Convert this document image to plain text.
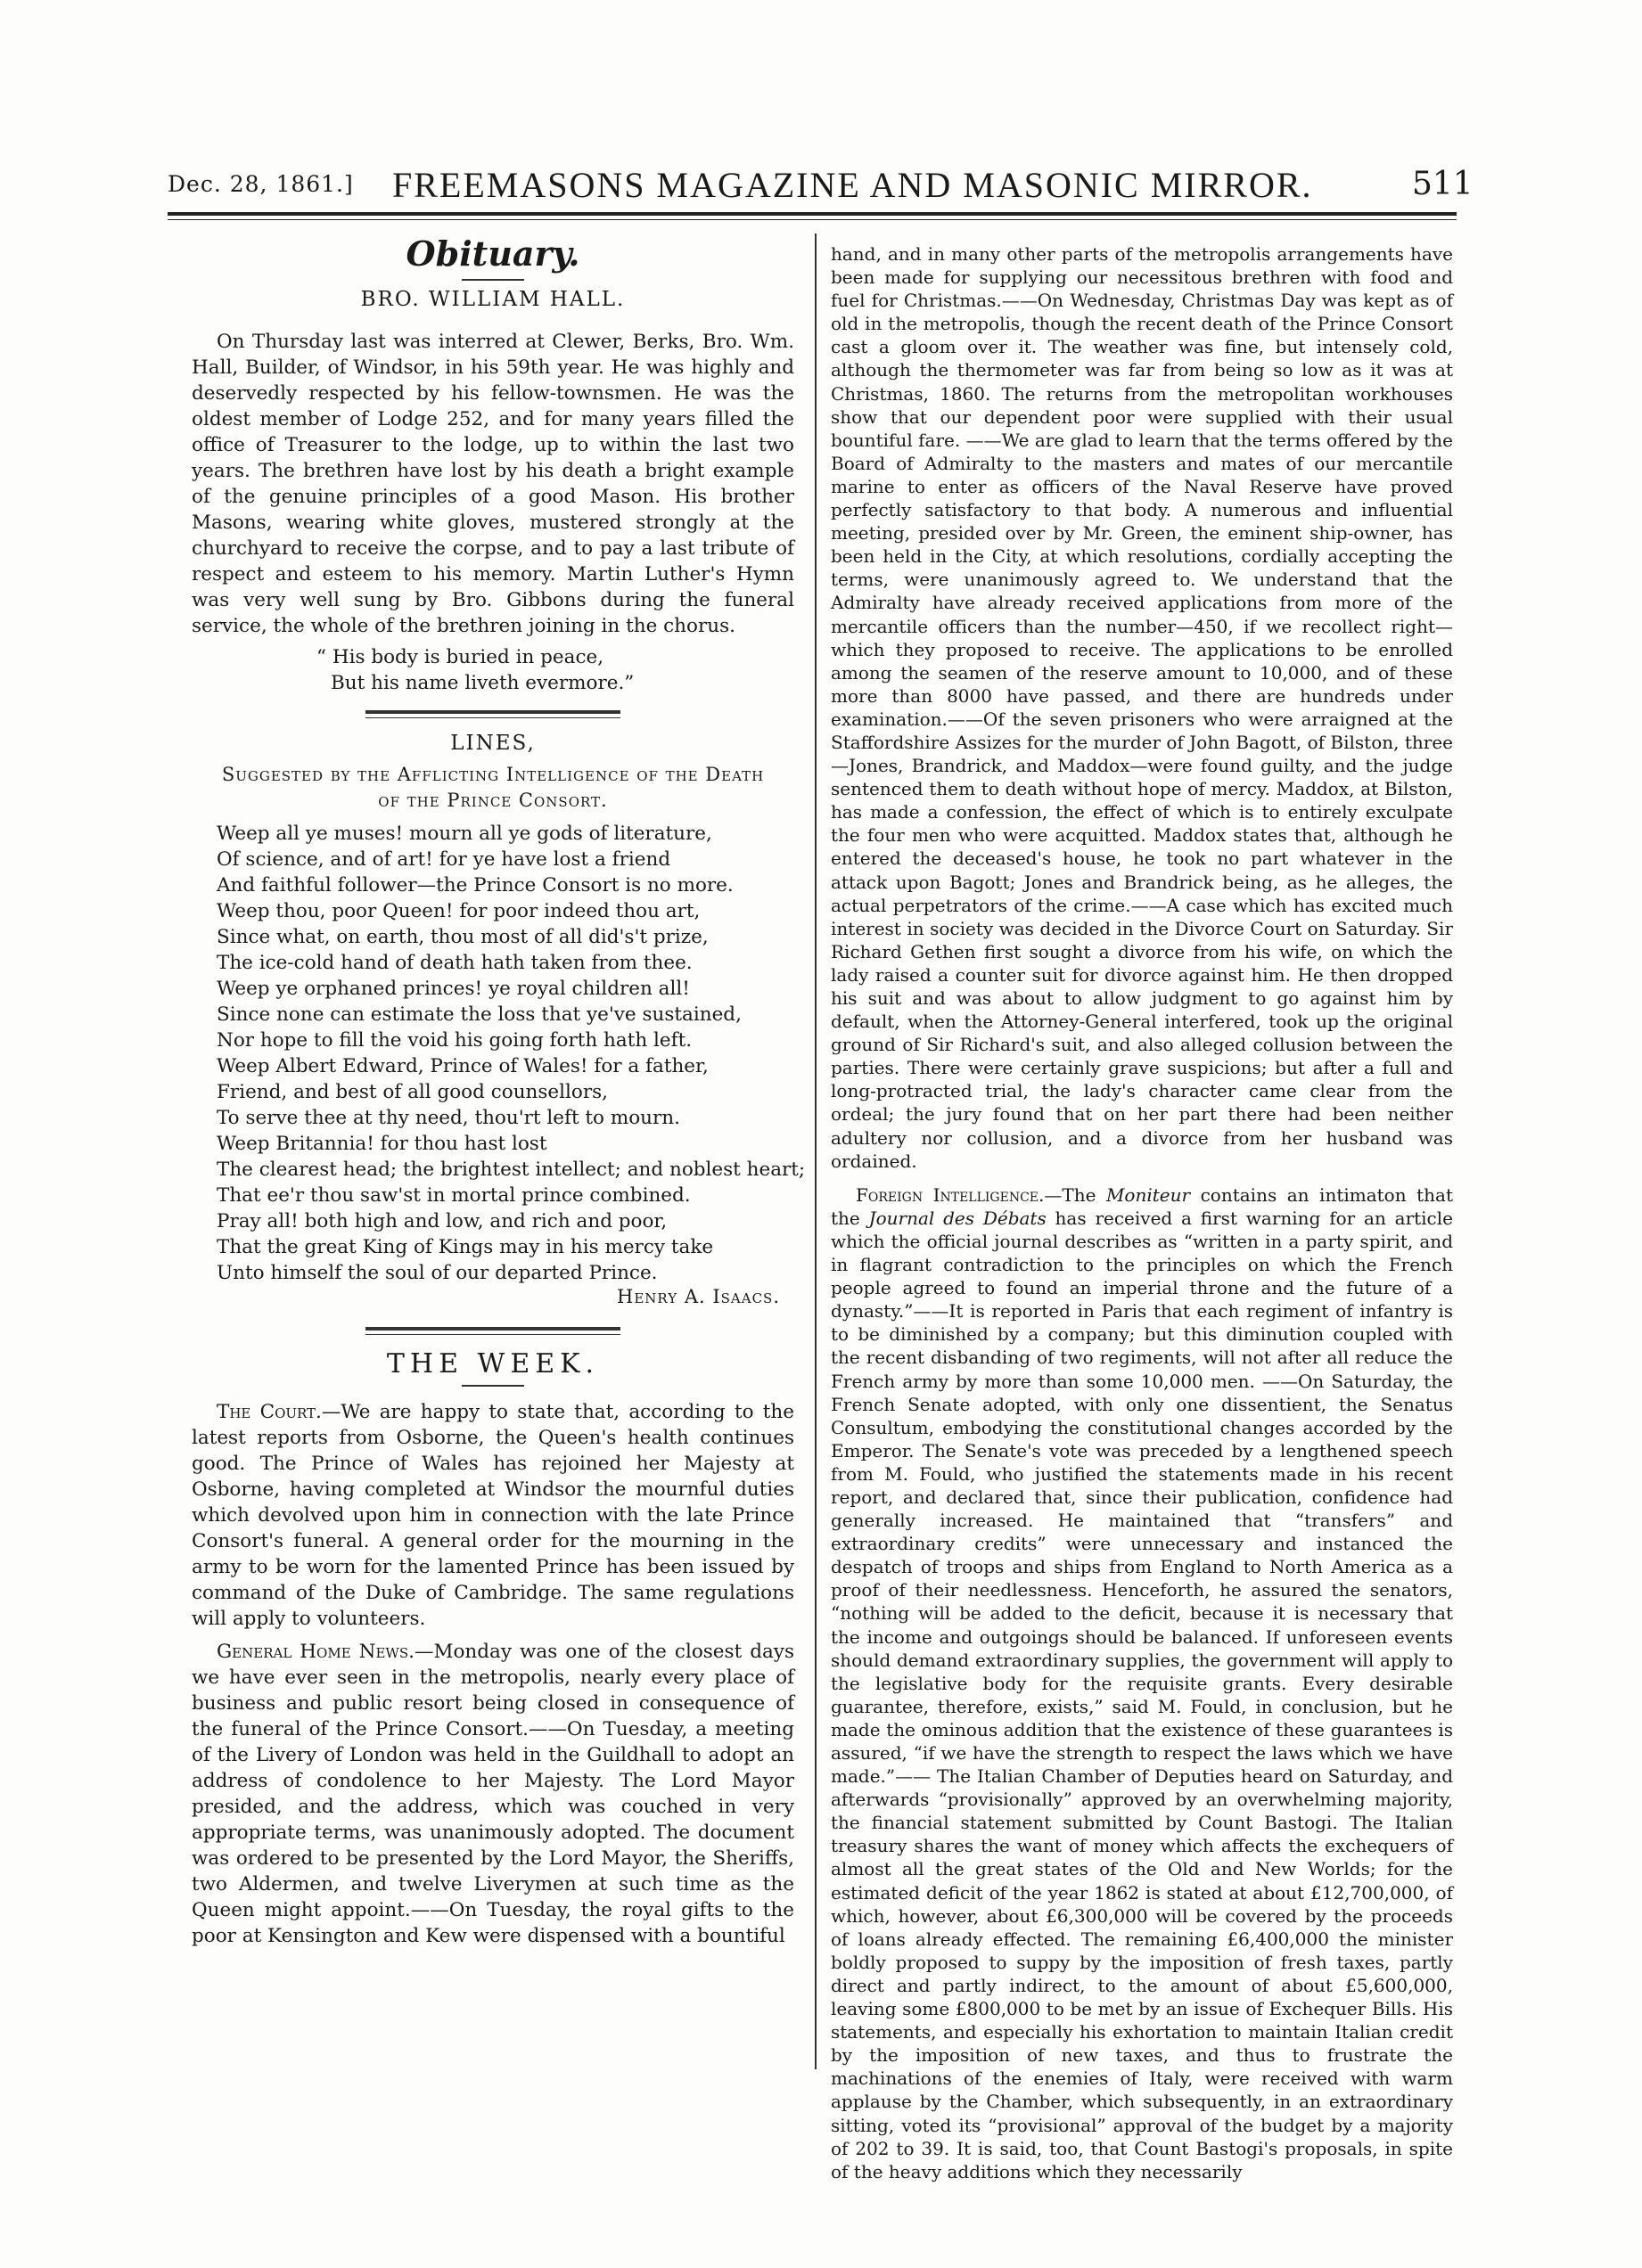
Dec. 28, 1861.] FREEMASONS MAGAZINE AND MASONIC MIRROR.	511
Obituary.
BRO. WILLIAM HALL.

On Thursday last was interred at Clewer, Berks, Bro. Wm. Hall, Builder, of Windsor, in his 59th year. He was highly and deservedly respected by his fellow-townsmen. He was the oldest member of Lodge 252, and for many years filled the office of Treasurer to the lodge, up to within the last two years. The brethren have lost by his death a bright example of the genuine principles of a good Mason. His brother Masons, wearing white gloves, mustered strongly at the churchyard to receive the corpse, and to pay a last tribute of respect and esteem to his memory. Martin Luther's Hymn was very well sung by Bro. Gibbons during the funeral service, the whole of the brethren joining in the chorus.

“ His body is buried in peace,
But his name liveth evermore.”
LINES,
Suggested by the Afflicting Intelligence of the Death
of the Prince Consort.
Weep all ye muses! mourn all ye gods of literature,
Of science, and of art! for ye have lost a friend
And faithful follower—the Prince Consort is no more.
Weep thou, poor Queen! for poor indeed thou art,
Since what, on earth, thou most of all did's't prize,
The ice-cold hand of death hath taken from thee.
Weep ye orphaned princes! ye royal children all!
Since none can estimate the loss that ye've sustained,
Nor hope to fill the void his going forth hath left.
Weep Albert Edward, Prince of Wales! for a father,
Friend, and best of all good counsellors,
To serve thee at thy need, thou'rt left to mourn.
Weep Britannia! for thou hast lost
The clearest head; the brightest intellect; and noblest heart;
That ee'r thou saw'st in mortal prince combined.
Pray all! both high and low, and rich and poor,
That the great King of Kings may in his mercy take
Unto himself the soul of our departed Prince.
Henry A. Isaacs.
THE WEEK.

The Court.—We are happy to state that, according to the latest reports from Osborne, the Queen's health continues good. The Prince of Wales has rejoined her Majesty at Osborne, having completed at Windsor the mournful duties which devolved upon him in connection with the late Prince Consort's funeral. A general order for the mourning in the army to be worn for the lamented Prince has been issued by command of the Duke of Cambridge. The same regulations will apply to volunteers.

General Home News.—Monday was one of the closest days we have ever seen in the metropolis, nearly every place of business and public resort being closed in consequence of the funeral of the Prince Consort.——On Tuesday, a meeting of the Livery of London was held in the Guildhall to adopt an address of condolence to her Majesty. The Lord Mayor presided, and the address, which was couched in very appropriate terms, was unanimously adopted. The document was ordered to be presented by the Lord Mayor, the Sheriffs, two Aldermen, and twelve Liverymen at such time as the Queen might appoint.——On Tuesday, the royal gifts to the poor at Kensington and Kew were dispensed with a bountiful

hand, and in many other parts of the metropolis arrangements have been made for supplying our necessitous brethren with food and fuel for Christmas.——On Wednesday, Christmas Day was kept as of old in the metropolis, though the recent death of the Prince Consort cast a gloom over it. The weather was fine, but intensely cold, although the thermometer was far from being so low as it was at Christmas, 1860. The returns from the metropolitan workhouses show that our dependent poor were supplied with their usual bountiful fare. ——We are glad to learn that the terms offered by the Board of Admiralty to the masters and mates of our mercantile marine to enter as officers of the Naval Reserve have proved perfectly satisfactory to that body. A numerous and influential meeting, presided over by Mr. Green, the eminent ship-owner, has been held in the City, at which resolutions, cordially accepting the terms, were unanimously agreed to. We understand that the Admiralty have already received applications from more of the mercantile officers than the number—450, if we recollect right—which they proposed to receive. The applications to be enrolled among the seamen of the reserve amount to 10,000, and of these more than 8000 have passed, and there are hundreds under examination.——Of the seven prisoners who were arraigned at the Staffordshire Assizes for the murder of John Bagott, of Bilston, three—Jones, Brandrick, and Maddox—were found guilty, and the judge sentenced them to death without hope of mercy. Maddox, at Bilston, has made a confession, the effect of which is to entirely exculpate the four men who were acquitted. Maddox states that, although he entered the deceased's house, he took no part whatever in the attack upon Bagott; Jones and Brandrick being, as he alleges, the actual perpetrators of the crime.——A case which has excited much interest in society was decided in the Divorce Court on Saturday. Sir Richard Gethen first sought a divorce from his wife, on which the lady raised a counter suit for divorce against him. He then dropped his suit and was about to allow judgment to go against him by default, when the Attorney-General interfered, took up the original ground of Sir Richard's suit, and also alleged collusion between the parties. There were certainly grave suspicions; but after a full and long-protracted trial, the lady's character came clear from the ordeal; the jury found that on her part there had been neither adultery nor collusion, and a divorce from her husband was ordained.

Foreign Intelligence.—The Moniteur contains an intimaton that the Journal des Débats has received a first warning for an article which the official journal describes as “written in a party spirit, and in flagrant contradiction to the principles on which the French people agreed to found an imperial throne and the future of a dynasty.”——It is reported in Paris that each regiment of infantry is to be diminished by a company; but this diminution coupled with the recent disbanding of two regiments, will not after all reduce the French army by more than some 10,000 men. ——On Saturday, the French Senate adopted, with only one dissentient, the Senatus Consultum, embodying the constitutional changes accorded by the Emperor. The Senate's vote was preceded by a lengthened speech from M. Fould, who justified the statements made in his recent report, and declared that, since their publication, confidence had generally increased. He maintained that “transfers” and extraordinary credits” were unnecessary and instanced the despatch of troops and ships from England to North America as a proof of their needlessness. Henceforth, he assured the senators, “nothing will be added to the deficit, because it is necessary that the income and outgoings should be balanced. If unforeseen events should demand extraordinary supplies, the government will apply to the legislative body for the requisite grants. Every desirable guarantee, therefore, exists,” said M. Fould, in conclusion, but he made the ominous addition that the existence of these guarantees is assured, “if we have the strength to respect the laws which we have made.”—— The Italian Chamber of Deputies heard on Saturday, and afterwards “provisionally” approved by an overwhelming majority, the financial statement submitted by Count Bastogi. The Italian treasury shares the want of money which affects the exchequers of almost all the great states of the Old and New Worlds; for the estimated deficit of the year 1862 is stated at about £12,700,000, of which, however, about £6,300,000 will be covered by the proceeds of loans already effected. The remaining £6,400,000 the minister boldly proposed to suppy by the imposition of fresh taxes, partly direct and partly indirect, to the amount of about £5,600,000, leaving some £800,000 to be met by an issue of Exchequer Bills. His statements, and especially his exhortation to maintain Italian credit by the imposition of new taxes, and thus to frustrate the machinations of the enemies of Italy, were received with warm applause by the Chamber, which subsequently, in an extraordinary sitting, voted its “provisional” approval of the budget by a majority of 202 to 39. It is said, too, that Count Bastogi's proposals, in spite of the heavy additions which they necessarily
